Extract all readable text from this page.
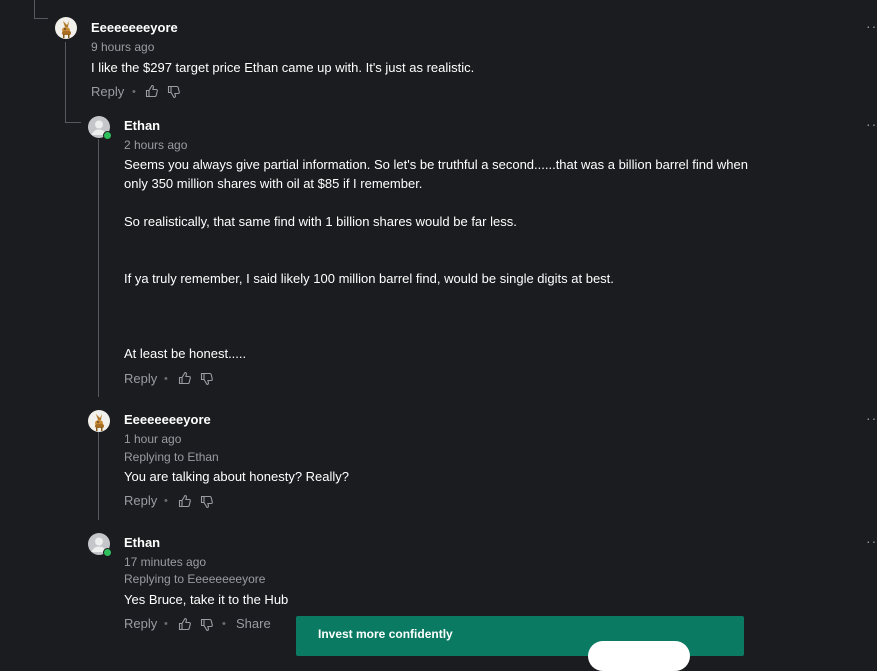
Eeeeeeeeyore
9 hours ago
I like the $297 target price Ethan came up with. It's just as realistic.
Reply •
··
Ethan
2 hours ago
Seems you always give partial information. So let's be truthful a second......that was a billion barrel find when
only 350 million shares with oil at $85 if I remember.
So realistically, that same find with 1 billion shares would be far less.
If ya truly remember, I said likely 100 million barrel find, would be single digits at best.
At least be honest.....
Reply •
··
Eeeeeeeeyore
1 hour ago
Replying to Ethan
You are talking about honesty? Really?
Reply •
··
Ethan
17 minutes ago
Replying to Eeeeeeeeyore
Yes Bruce, take it to the Hub
Reply •	• Share
··
Invest more confidently
